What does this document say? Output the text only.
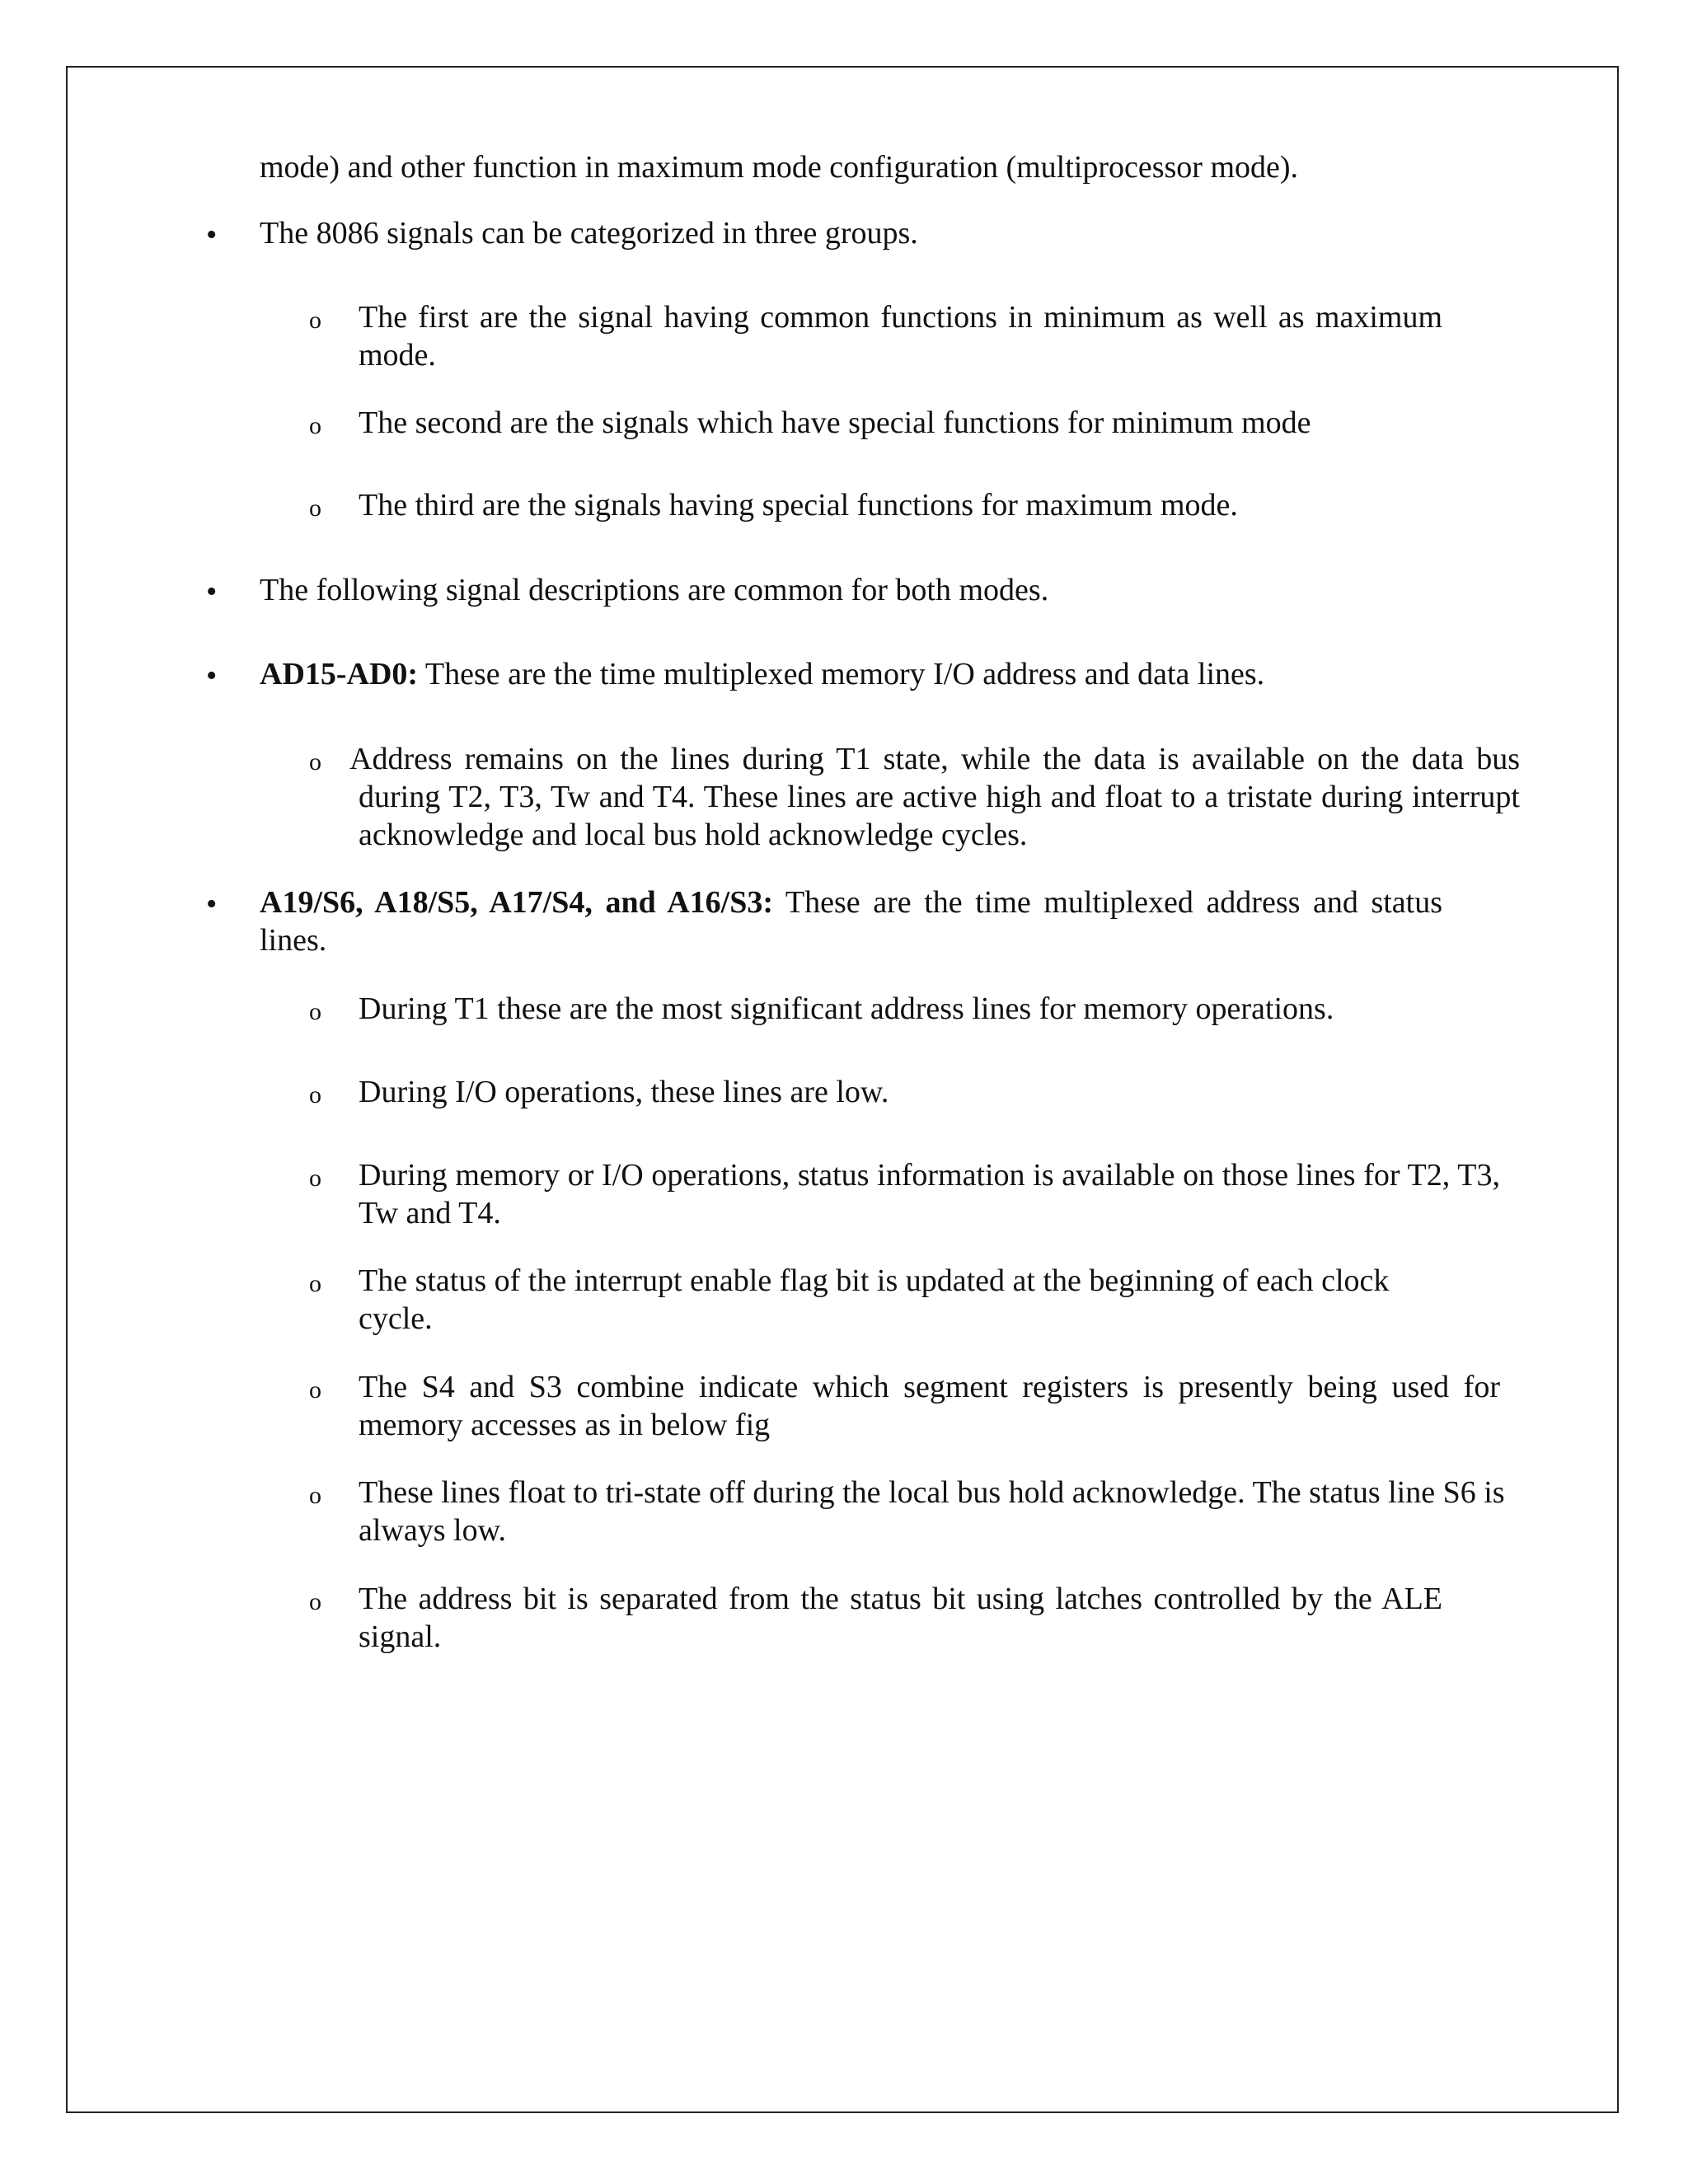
mode) and other function in maximum mode configuration (multiprocessor mode).
• The 8086 signals can be categorized in three groups.
o The first are the signal having common functions in minimum as well as maximum mode.
o The second are the signals which have special functions for minimum mode
o The third are the signals having special functions for maximum mode.
• The following signal descriptions are common for both modes.
• AD15-AD0: These are the time multiplexed memory I/O address and data lines.
o Address remains on the lines during T1 state, while the data is available on the data bus during T2, T3, Tw and T4. These lines are active high and float to a tristate during interrupt acknowledge and local bus hold acknowledge cycles.
• A19/S6, A18/S5, A17/S4, and A16/S3: These are the time multiplexed address and status lines.
o During T1 these are the most significant address lines for memory operations.
o During I/O operations, these lines are low.
o During memory or I/O operations, status information is available on those lines for T2, T3, Tw and T4.
o The status of the interrupt enable flag bit is updated at the beginning of each clock cycle.
o The S4 and S3 combine indicate which segment registers is presently being used for memory accesses as in below fig
o These lines float to tri-state off during the local bus hold acknowledge. The status line S6 is always low.
o The address bit is separated from the status bit using latches controlled by the ALE signal.
